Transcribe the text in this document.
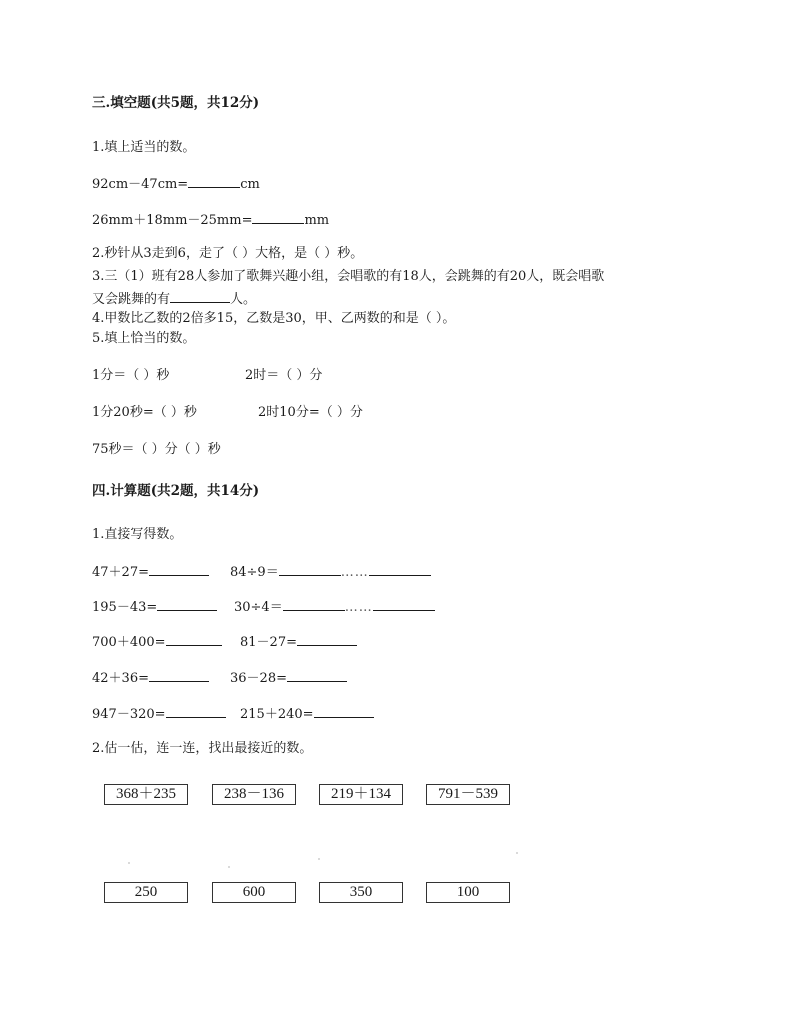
三.填空题(共5题，共12分)
1.填上适当的数。
92cm－47cm=	cm
26mm＋18mm－25mm=	mm
2.秒针从3走到6，走了（ ）大格，是（ ）秒。
3.三（1）班有28人参加了歌舞兴趣小组，会唱歌的有18人，会跳舞的有20人，既会唱歌
又会跳舞的有	人。
4.甲数比乙数的2倍多15，乙数是30，甲、乙两数的和是（ ）。
5.填上恰当的数。
1分＝（ ）秒	2时＝（ ）分
1分20秒=（ ）秒	2时10分=（ ）分
75秒＝（ ）分（ ）秒
四.计算题(共2题，共14分)
1.直接写得数。
47＋27=	84÷9＝	……
195－43=	30÷4＝	……
700＋400=	81－27=
42＋36=	36－28=
947－320=	215＋240=
2.估一估，连一连，找出最接近的数。
368＋235	238－136	219＋134	791－539
250	600	350	100
